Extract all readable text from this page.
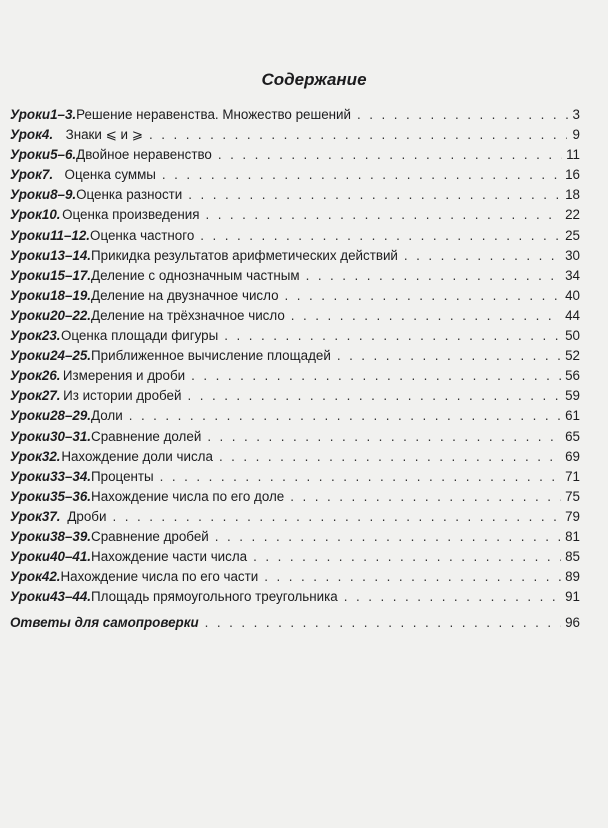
Содержание
Уроки 1–3. Решение неравенства. Множество решений . . .	3
Урок 4. Знаки ⩽ и ⩾ . . .	9
Уроки 5–6. Двойное неравенство . . .	11
Урок 7. Оценка суммы . . .	16
Уроки 8–9. Оценка разности . . .	18
Урок 10. Оценка произведения . . .	22
Уроки 11–12. Оценка частного . . .	25
Уроки 13–14. Прикидка результатов арифметических действий . . .	30
Уроки 15–17. Деление с однозначным частным . . .	34
Уроки 18–19. Деление на двузначное число . . .	40
Уроки 20–22. Деление на трёхзначное число . . .	44
Урок 23. Оценка площади фигуры . . .	50
Уроки 24–25. Приближенное вычисление площадей . . .	52
Урок 26. Измерения и дроби . . .	56
Урок 27. Из истории дробей . . .	59
Уроки 28–29. Доли . . .	61
Уроки 30–31. Сравнение долей . . .	65
Урок 32. Нахождение доли числа . . .	69
Уроки 33–34. Проценты . . .	71
Уроки 35–36. Нахождение числа по его доле . . .	75
Урок 37. Дроби . . .	79
Уроки 38–39. Сравнение дробей . . .	81
Уроки 40–41. Нахождение части числа . . .	85
Урок 42. Нахождение числа по его части . . .	89
Уроки 43–44. Площадь прямоугольного треугольника . . .	91
Ответы для самопроверки . . .	96
